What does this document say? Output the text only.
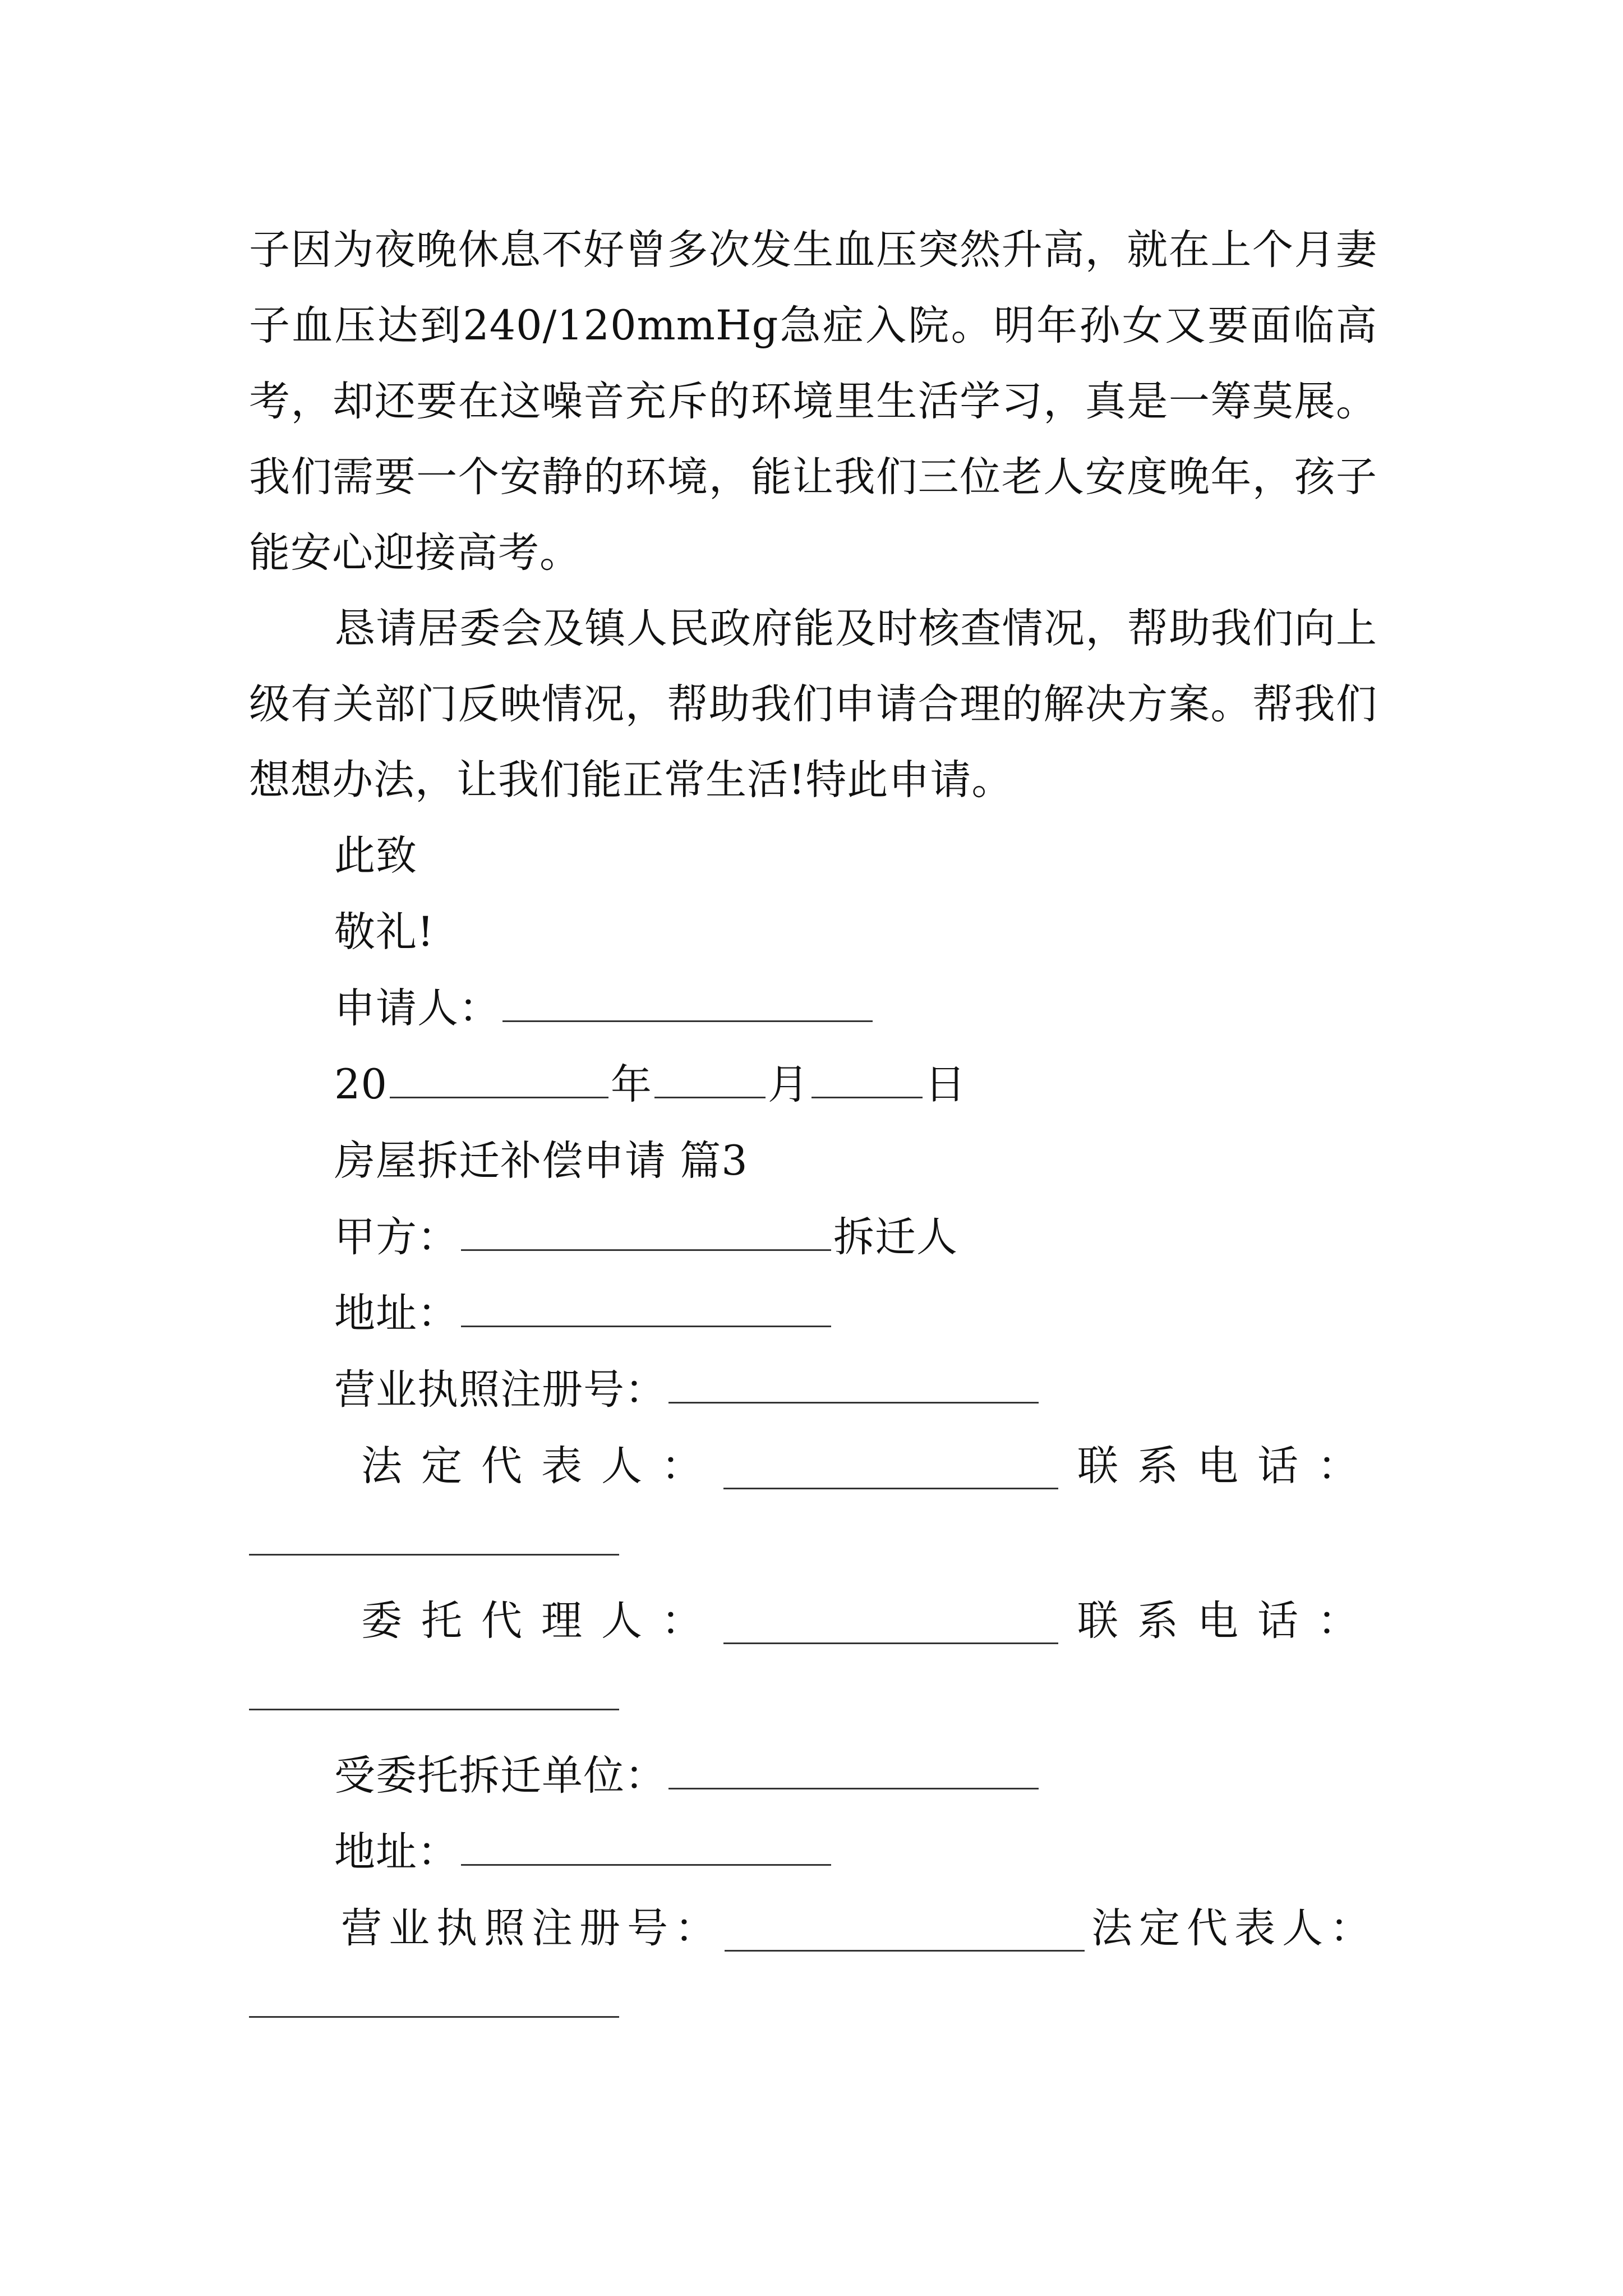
子因为夜晚休息不好曾多次发生血压突然升高，就在上个月妻子血压达到240/120mmHg急症入院。明年孙女又要面临高考，却还要在这噪音充斥的环境里生活学习，真是一筹莫展。我们需要一个安静的环境，能让我们三位老人安度晚年，孩子能安心迎接高考。

恳请居委会及镇人民政府能及时核查情况，帮助我们向上级有关部门反映情况，帮助我们申请合理的解决方案。帮我们想想办法，让我们能正常生活!特此申请。

此致
敬礼!
申请人：
20	年	月	日
房屋拆迁补偿申请 篇3
甲方：	拆迁人
地址：
营业执照注册号：
法定代表人：	联系电话：
委托代理人：	联系电话：
受委托拆迁单位：
地址：
营业执照注册号：	法定代表人：
